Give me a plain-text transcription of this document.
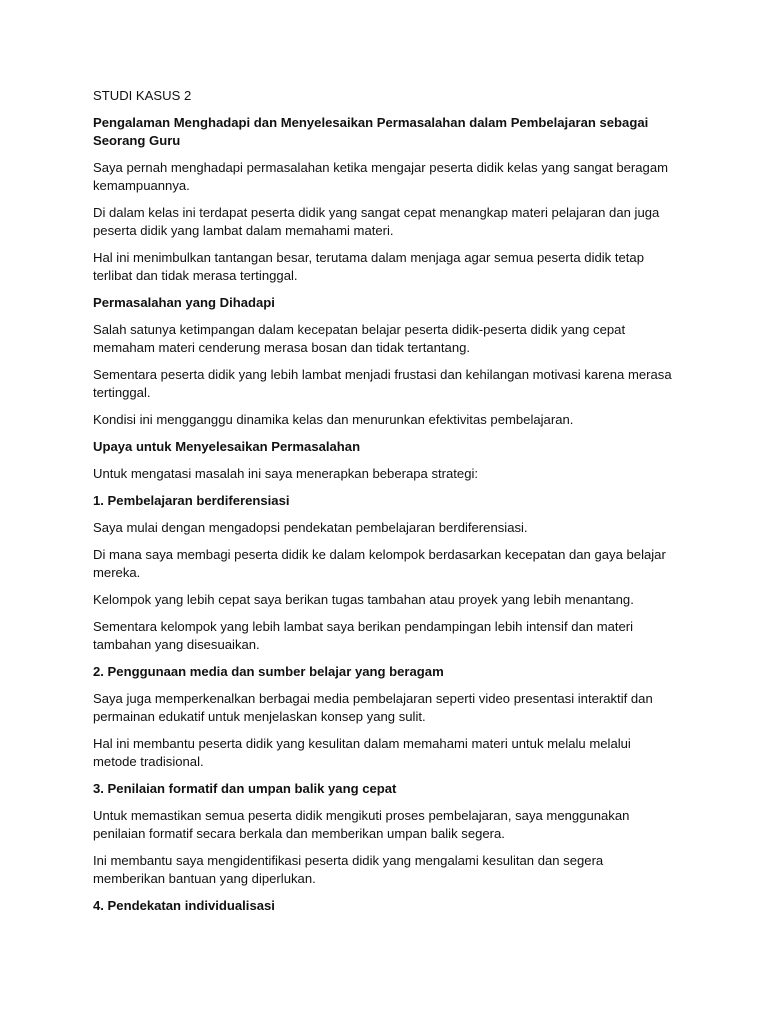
STUDI KASUS 2

Pengalaman Menghadapi dan Menyelesaikan Permasalahan dalam Pembelajaran sebagai Seorang Guru

Saya pernah menghadapi permasalahan ketika mengajar peserta didik kelas yang sangat beragam kemampuannya.

Di dalam kelas ini terdapat peserta didik yang sangat cepat menangkap materi pelajaran dan juga peserta didik yang lambat dalam memahami materi.

Hal ini menimbulkan tantangan besar, terutama dalam menjaga agar semua peserta didik tetap terlibat dan tidak merasa tertinggal.

Permasalahan yang Dihadapi

Salah satunya ketimpangan dalam kecepatan belajar peserta didik-peserta didik yang cepat memaham materi cenderung merasa bosan dan tidak tertantang.

Sementara peserta didik yang lebih lambat menjadi frustasi dan kehilangan motivasi karena merasa tertinggal.

Kondisi ini mengganggu dinamika kelas dan menurunkan efektivitas pembelajaran.

Upaya untuk Menyelesaikan Permasalahan

Untuk mengatasi masalah ini saya menerapkan beberapa strategi:

1. Pembelajaran berdiferensiasi

Saya mulai dengan mengadopsi pendekatan pembelajaran berdiferensiasi.

Di mana saya membagi peserta didik ke dalam kelompok berdasarkan kecepatan dan gaya belajar mereka.

Kelompok yang lebih cepat saya berikan tugas tambahan atau proyek yang lebih menantang.

Sementara kelompok yang lebih lambat saya berikan pendampingan lebih intensif dan materi tambahan yang disesuaikan.

2. Penggunaan media dan sumber belajar yang beragam

Saya juga memperkenalkan berbagai media pembelajaran seperti video presentasi interaktif dan permainan edukatif untuk menjelaskan konsep yang sulit.

Hal ini membantu peserta didik yang kesulitan dalam memahami materi untuk melalu melalui metode tradisional.

3. Penilaian formatif dan umpan balik yang cepat

Untuk memastikan semua peserta didik mengikuti proses pembelajaran, saya menggunakan penilaian formatif secara berkala dan memberikan umpan balik segera.

Ini membantu saya mengidentifikasi peserta didik yang mengalami kesulitan dan segera memberikan bantuan yang diperlukan.

4. Pendekatan individualisasi
